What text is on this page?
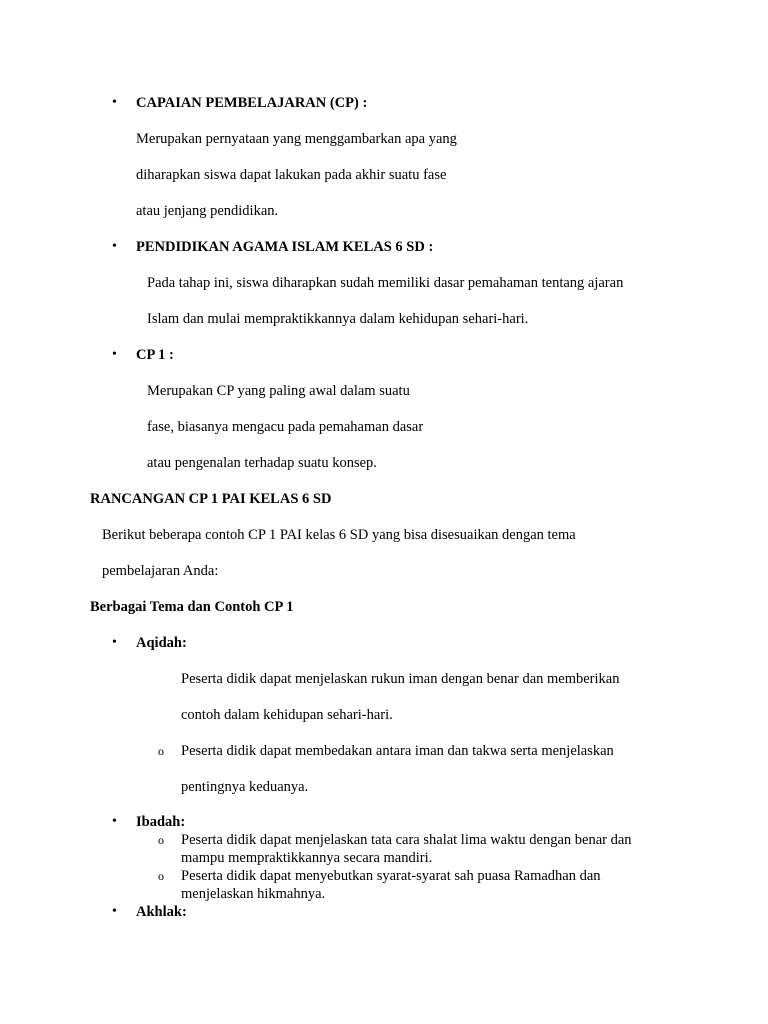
• CAPAIAN PEMBELAJARAN (CP) :
Merupakan pernyataan yang menggambarkan apa yang
diharapkan siswa dapat lakukan pada akhir suatu fase
atau jenjang pendidikan.
• PENDIDIKAN AGAMA ISLAM KELAS 6 SD :
Pada tahap ini, siswa diharapkan sudah memiliki dasar pemahaman tentang ajaran
Islam dan mulai mempraktikkannya dalam kehidupan sehari-hari.
• CP 1 :
Merupakan CP yang paling awal dalam suatu
fase, biasanya mengacu pada pemahaman dasar
atau pengenalan terhadap suatu konsep.
RANCANGAN CP 1 PAI KELAS 6 SD
Berikut beberapa contoh CP 1 PAI kelas 6 SD yang bisa disesuaikan dengan tema
pembelajaran Anda:
Berbagai Tema dan Contoh CP 1
• Aqidah:
Peserta didik dapat menjelaskan rukun iman dengan benar dan memberikan
contoh dalam kehidupan sehari-hari.
o Peserta didik dapat membedakan antara iman dan takwa serta menjelaskan
pentingnya keduanya.
• Ibadah:
o Peserta didik dapat menjelaskan tata cara shalat lima waktu dengan benar dan
mampu mempraktikkannya secara mandiri.
o Peserta didik dapat menyebutkan syarat-syarat sah puasa Ramadhan dan
menjelaskan hikmahnya.
• Akhlak:
